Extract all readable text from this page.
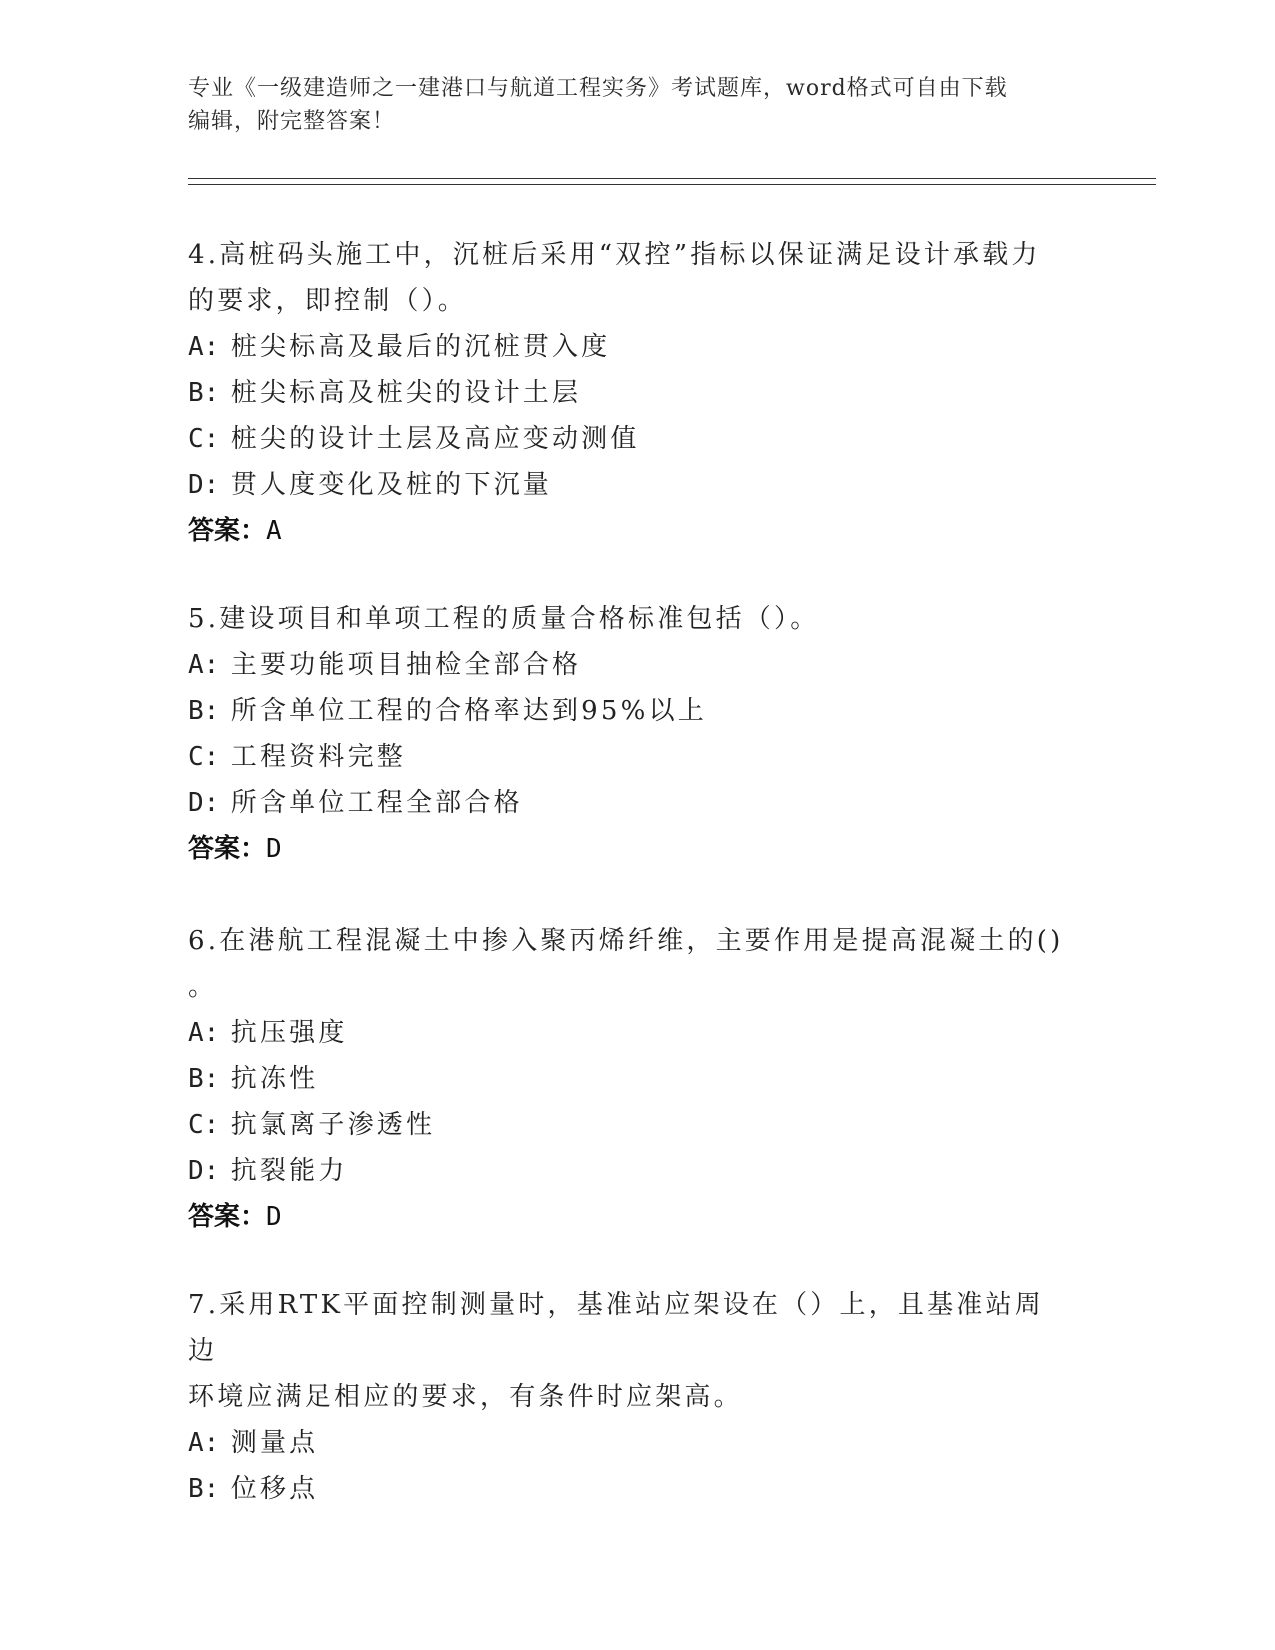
专业《一级建造师之一建港口与航道工程实务》考试题库，word格式可自由下载
编辑，附完整答案！

4.高桩码头施工中，沉桩后采用“双控”指标以保证满足设计承载力

的要求，即控制（）。

A: 桩尖标高及最后的沉桩贯入度

B: 桩尖标高及桩尖的设计土层

C: 桩尖的设计土层及高应变动测值

D: 贯人度变化及桩的下沉量

答案：A

5.建设项目和单项工程的质量合格标准包括（）。

A: 主要功能项目抽检全部合格

B: 所含单位工程的合格率达到95%以上

C: 工程资料完整

D: 所含单位工程全部合格

答案：D

6.在港航工程混凝土中掺入聚丙烯纤维，主要作用是提高混凝土的()

。

A: 抗压强度

B: 抗冻性

C: 抗氯离子渗透性

D: 抗裂能力

答案：D

7.采用RTK平面控制测量时，基准站应架设在（）上，且基准站周边

环境应满足相应的要求，有条件时应架高。

A: 测量点

B: 位移点
